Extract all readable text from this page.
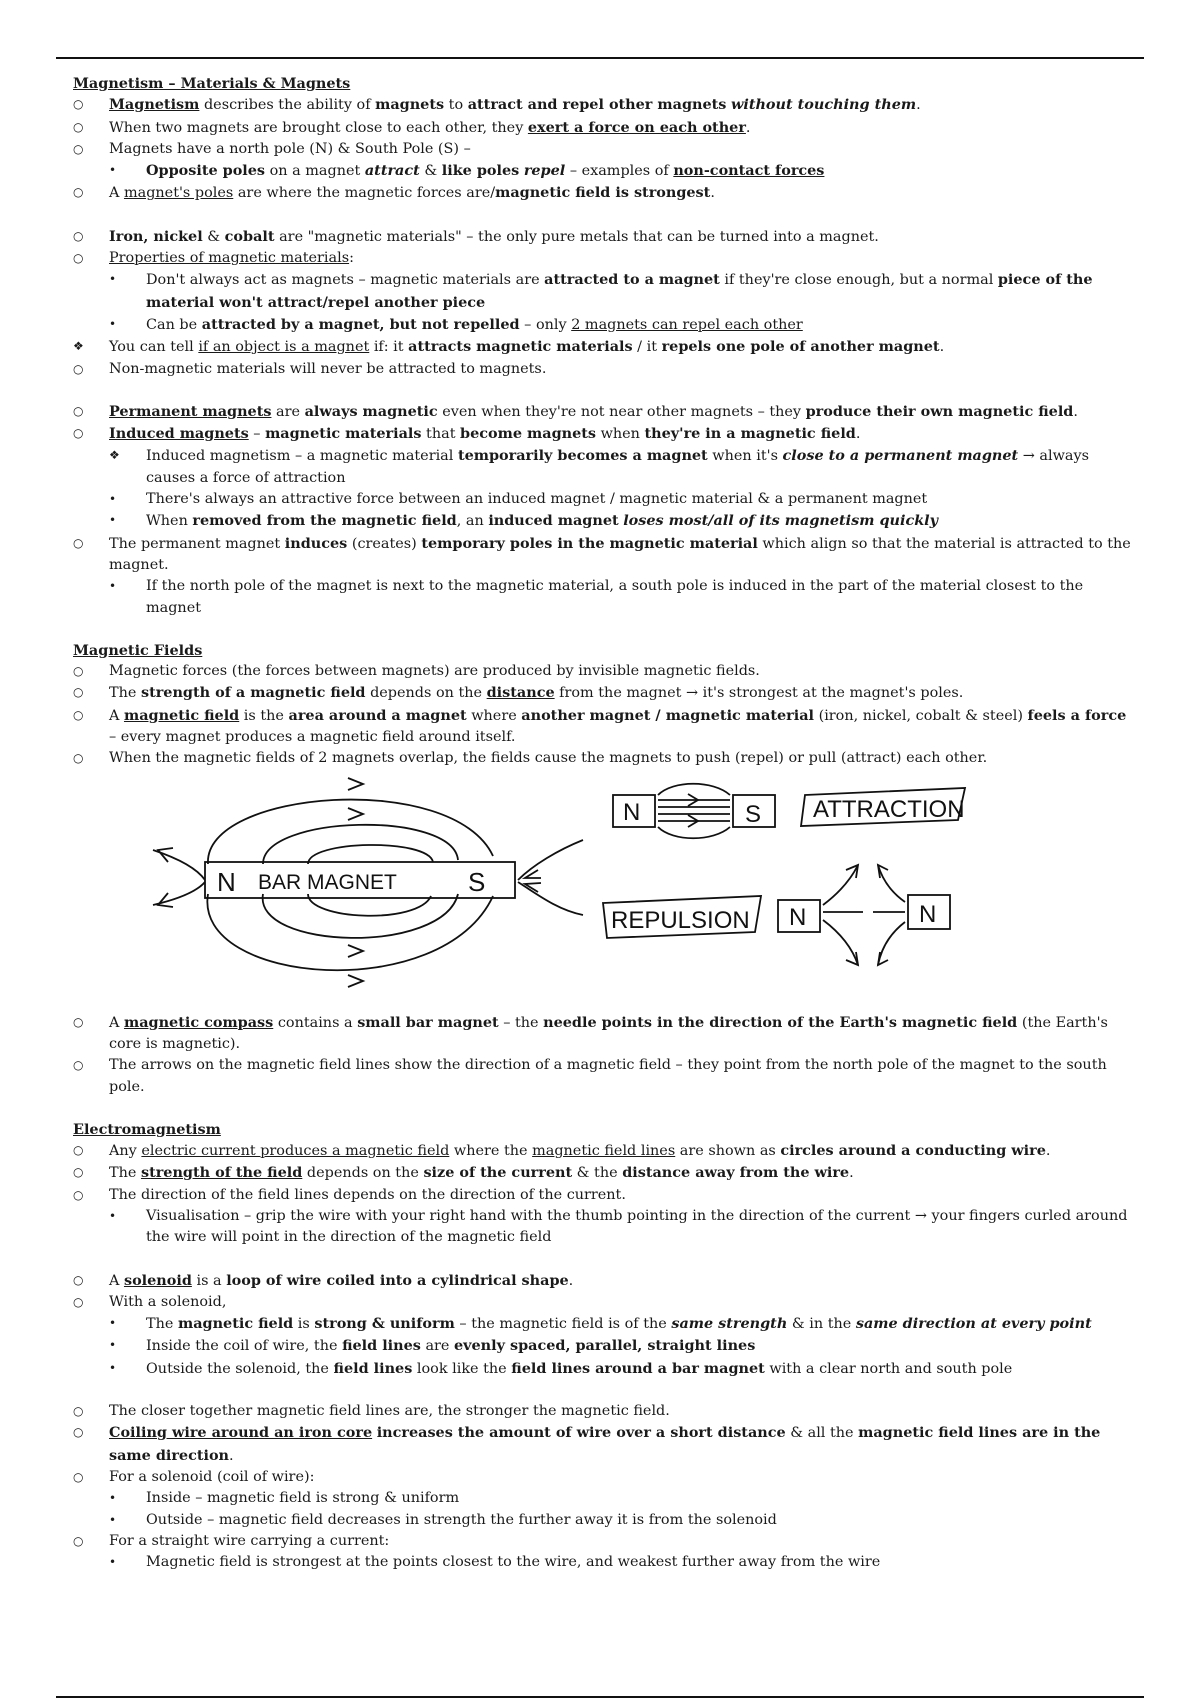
Magnetism – Materials & Magnets
○ Magnetism describes the ability of magnets to attract and repel other magnets without touching them.
○ When two magnets are brought close to each other, they exert a force on each other.
○ Magnets have a north pole (N) & South Pole (S) –
• Opposite poles on a magnet attract & like poles repel – examples of non-contact forces
○ A magnet's poles are where the magnetic forces are/magnetic field is strongest.
○ Iron, nickel & cobalt are "magnetic materials" – the only pure metals that can be turned into a magnet.
○ Properties of magnetic materials:
• Don't always act as magnets – magnetic materials are attracted to a magnet if they're close enough, but a normal piece of the material won't attract/repel another piece
• Can be attracted by a magnet, but not repelled – only 2 magnets can repel each other
❖ You can tell if an object is a magnet if: it attracts magnetic materials / it repels one pole of another magnet.
○ Non-magnetic materials will never be attracted to magnets.
○ Permanent magnets are always magnetic even when they're not near other magnets – they produce their own magnetic field.
○ Induced magnets – magnetic materials that become magnets when they're in a magnetic field.
❖ Induced magnetism – a magnetic material temporarily becomes a magnet when it's close to a permanent magnet → always causes a force of attraction
• There's always an attractive force between an induced magnet / magnetic material & a permanent magnet
• When removed from the magnetic field, an induced magnet loses most/all of its magnetism quickly
○ The permanent magnet induces (creates) temporary poles in the magnetic material which align so that the material is attracted to the magnet.
• If the north pole of the magnet is next to the magnetic material, a south pole is induced in the part of the material closest to the magnet
Magnetic Fields
○ Magnetic forces (the forces between magnets) are produced by invisible magnetic fields.
○ The strength of a magnetic field depends on the distance from the magnet → it's strongest at the magnet's poles.
○ A magnetic field is the area around a magnet where another magnet / magnetic material (iron, nickel, cobalt & steel) feels a force – every magnet produces a magnetic field around itself.
○ When the magnetic fields of 2 magnets overlap, the fields cause the magnets to push (repel) or pull (attract) each other.
N BAR MAGNET	S
N	S ATTRACTION
REPULSION N	N
○ A magnetic compass contains a small bar magnet – the needle points in the direction of the Earth's magnetic field (the Earth's core is magnetic).
○ The arrows on the magnetic field lines show the direction of a magnetic field – they point from the north pole of the magnet to the south pole.
Electromagnetism
○ Any electric current produces a magnetic field where the magnetic field lines are shown as circles around a conducting wire.
○ The strength of the field depends on the size of the current & the distance away from the wire.
○ The direction of the field lines depends on the direction of the current.
• Visualisation – grip the wire with your right hand with the thumb pointing in the direction of the current → your fingers curled around the wire will point in the direction of the magnetic field
○ A solenoid is a loop of wire coiled into a cylindrical shape.
○ With a solenoid,
• The magnetic field is strong & uniform – the magnetic field is of the same strength & in the same direction at every point
• Inside the coil of wire, the field lines are evenly spaced, parallel, straight lines
• Outside the solenoid, the field lines look like the field lines around a bar magnet with a clear north and south pole
○ The closer together magnetic field lines are, the stronger the magnetic field.
○ Coiling wire around an iron core increases the amount of wire over a short distance & all the magnetic field lines are in the same direction.
○ For a solenoid (coil of wire):
• Inside – magnetic field is strong & uniform
• Outside – magnetic field decreases in strength the further away it is from the solenoid
○ For a straight wire carrying a current:
• Magnetic field is strongest at the points closest to the wire, and weakest further away from the wire
